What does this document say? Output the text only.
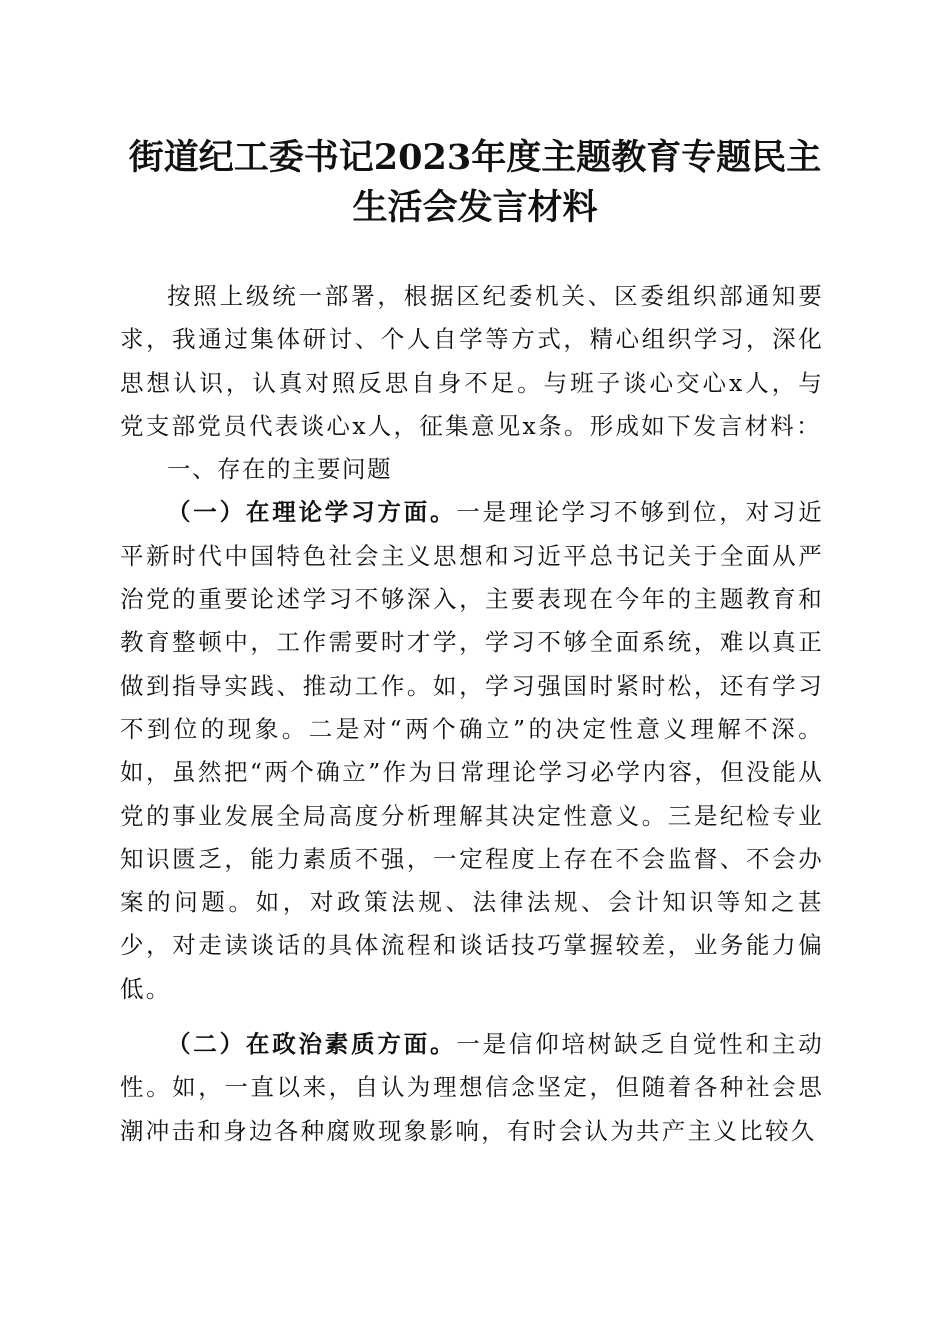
街道纪工委书记2023年度主题教育专题民主
生活会发言材料

按照上级统一部署，根据区纪委机关、区委组织部通知要求，我通过集体研讨、个人自学等方式，精心组织学习，深化思想认识，认真对照反思自身不足。与班子谈心交心x人，与党支部党员代表谈心x人，征集意见x条。形成如下发言材料：

一、存在的主要问题

（一）在理论学习方面。一是理论学习不够到位，对习近平新时代中国特色社会主义思想和习近平总书记关于全面从严治党的重要论述学习不够深入，主要表现在今年的主题教育和教育整顿中，工作需要时才学，学习不够全面系统，难以真正做到指导实践、推动工作。如，学习强国时紧时松，还有学习不到位的现象。二是对“两个确立”的决定性意义理解不深。如，虽然把“两个确立”作为日常理论学习必学内容，但没能从党的事业发展全局高度分析理解其决定性意义。三是纪检专业知识匮乏，能力素质不强，一定程度上存在不会监督、不会办案的问题。如，对政策法规、法律法规、会计知识等知之甚少，对走读谈话的具体流程和谈话技巧掌握较差，业务能力偏低。

（二）在政治素质方面。一是信仰培树缺乏自觉性和主动性。如，一直以来，自认为理想信念坚定，但随着各种社会思潮冲击和身边各种腐败现象影响，有时会认为共产主义比较久
